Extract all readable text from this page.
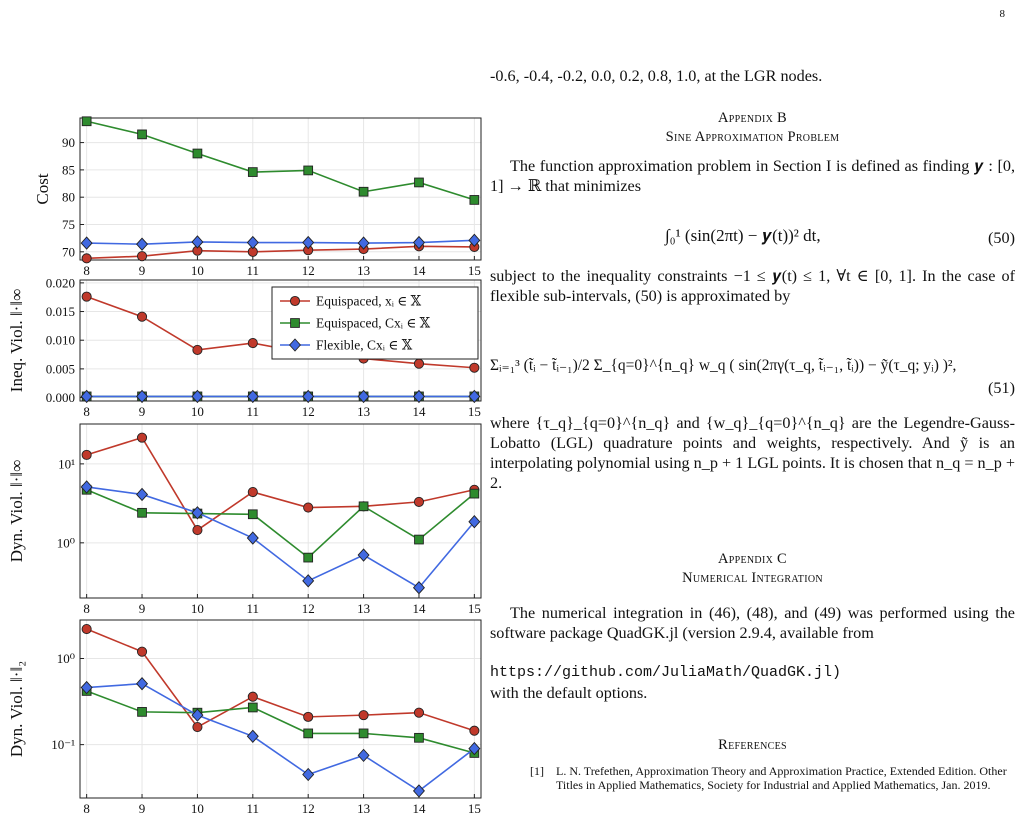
8
8	9	10	11	12	13	14	15
70
75
80
85
90
Cost
8	9	10	11	12	13	14	15
0.000
0.005
0.010
0.015
0.020
Ineq. Viol. ‖·‖∞	Equispaced, xᵢ ∈ 𝕏
Equispaced, Cxᵢ ∈ 𝕏
Flexible, Cxᵢ ∈ 𝕏
8	9	10	11	12	13	14	15
10⁰
10¹
Dyn. Viol. ‖·‖∞
8	9	10	11	12	13	14	15
10⁻¹
10⁰
Dyn. Viol. ‖·‖₂
-0.6, -0.4, -0.2, 0.0, 0.2, 0.8, 1.0, at the LGR nodes.
Appendix B
Sine Approximation Problem
The function approximation problem in Section I is defined as finding 𝒚 : [0, 1] → ℝ that minimizes
∫₀¹ (sin(2πt) − 𝒚(t))² dt,	(50)
subject to the inequality constraints −1 ≤ 𝒚(t) ≤ 1, ∀t ∈ [0, 1]. In the case of flexible sub-intervals, (50) is approximated by
Σᵢ₌₁³ (t̃ᵢ − t̃ᵢ₋₁)/2 Σ_{q=0}^{n_q} w_q ( sin(2πγ(τ_q, t̃ᵢ₋₁, t̃ᵢ)) − ỹ(τ_q; yᵢ) )²,
(51)
where {τ_q}_{q=0}^{n_q} and {w_q}_{q=0}^{n_q} are the Legendre-Gauss-Lobatto (LGL) quadrature points and weights, respectively. And ỹ is an interpolating polynomial using n_p + 1 LGL points. It is chosen that n_q = n_p + 2.
Appendix C
Numerical Integration
The numerical integration in (46), (48), and (49) was performed using the software package QuadGK.jl (version 2.9.4, available from
https://github.com/JuliaMath/QuadGK.jl)
with the default options.
References
[1] L. N. Trefethen, Approximation Theory and Approximation Practice, Extended Edition. Other Titles in Applied Mathematics, Society for Industrial and Applied Mathematics, Jan. 2019.
